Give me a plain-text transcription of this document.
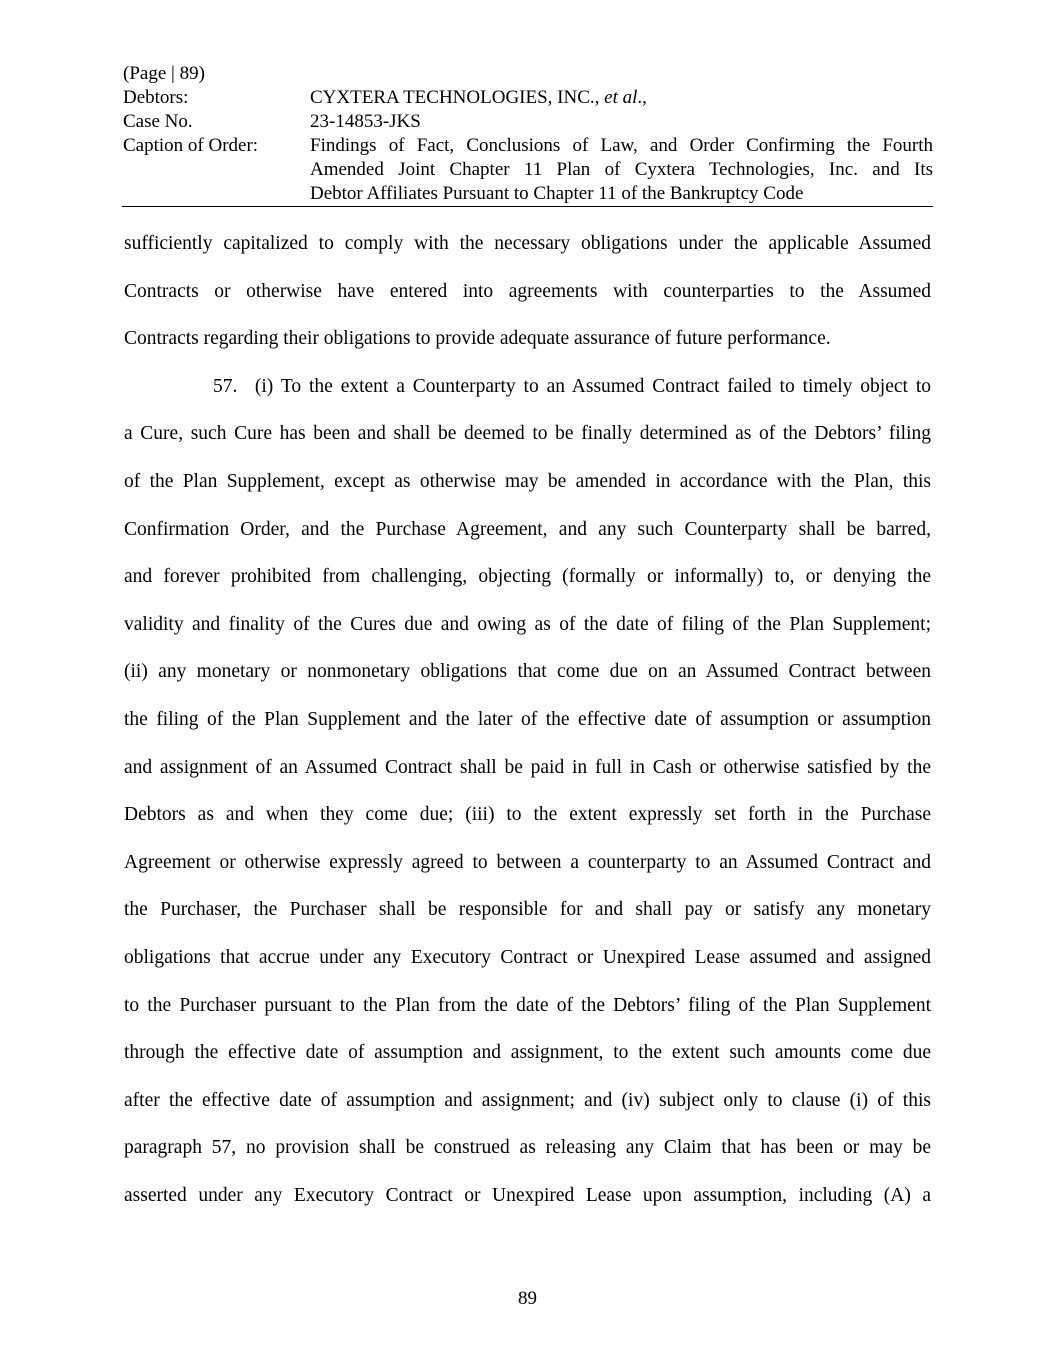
(Page | 89)
Debtors:	CYXTERA TECHNOLOGIES, INC., et al.,
Case No.	23-14853-JKS
Caption of Order:	Findings of Fact, Conclusions of Law, and Order Confirming the Fourth
Amended Joint Chapter 11 Plan of Cyxtera Technologies, Inc. and Its
Debtor Affiliates Pursuant to Chapter 11 of the Bankruptcy Code
sufficiently capitalized to comply with the necessary obligations under the applicable Assumed
Contracts or otherwise have entered into agreements with counterparties to the Assumed
Contracts regarding their obligations to provide adequate assurance of future performance.
57. (i) To the extent a Counterparty to an Assumed Contract failed to timely object to
a Cure, such Cure has been and shall be deemed to be finally determined as of the Debtors’ filing
of the Plan Supplement, except as otherwise may be amended in accordance with the Plan, this
Confirmation Order, and the Purchase Agreement, and any such Counterparty shall be barred,
and forever prohibited from challenging, objecting (formally or informally) to, or denying the
validity and finality of the Cures due and owing as of the date of filing of the Plan Supplement;
(ii) any monetary or nonmonetary obligations that come due on an Assumed Contract between
the filing of the Plan Supplement and the later of the effective date of assumption or assumption
and assignment of an Assumed Contract shall be paid in full in Cash or otherwise satisfied by the
Debtors as and when they come due; (iii) to the extent expressly set forth in the Purchase
Agreement or otherwise expressly agreed to between a counterparty to an Assumed Contract and
the Purchaser, the Purchaser shall be responsible for and shall pay or satisfy any monetary
obligations that accrue under any Executory Contract or Unexpired Lease assumed and assigned
to the Purchaser pursuant to the Plan from the date of the Debtors’ filing of the Plan Supplement
through the effective date of assumption and assignment, to the extent such amounts come due
after the effective date of assumption and assignment; and (iv) subject only to clause (i) of this
paragraph 57, no provision shall be construed as releasing any Claim that has been or may be
asserted under any Executory Contract or Unexpired Lease upon assumption, including (A) a
89
